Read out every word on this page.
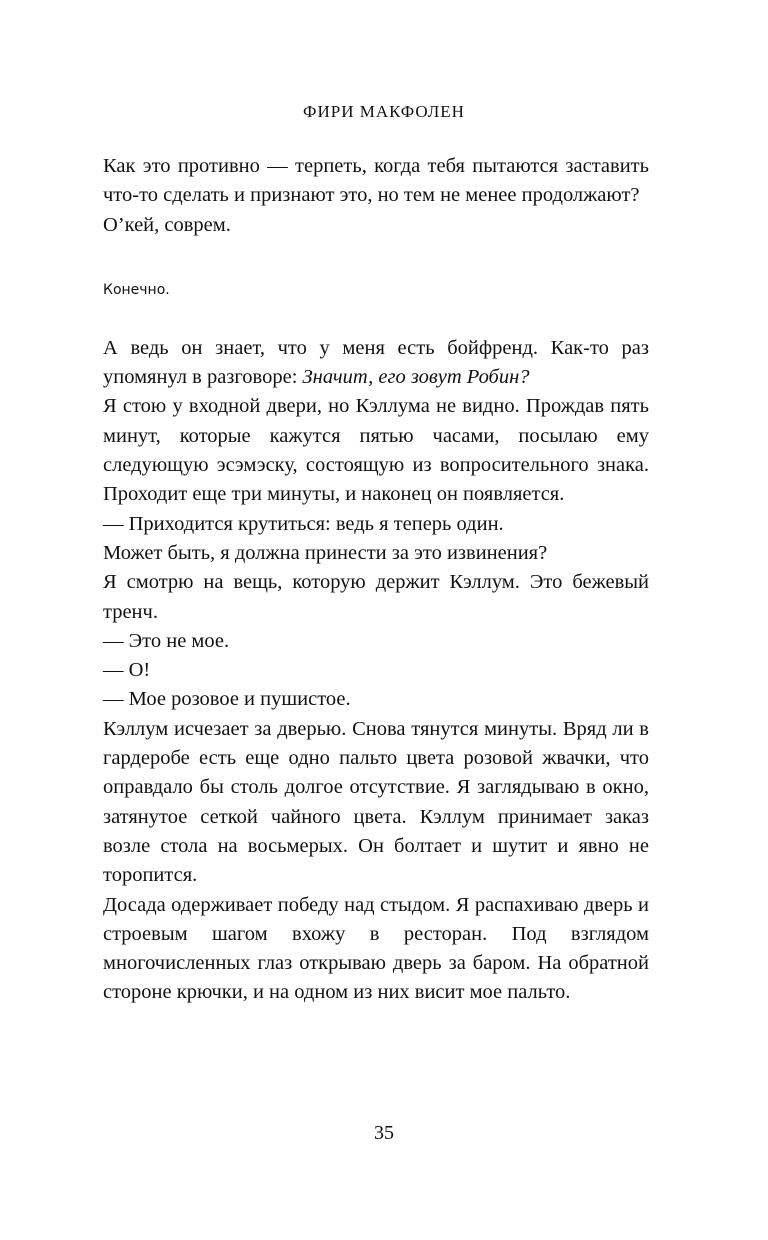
ФИРИ МАКФОЛЕН

Как это противно — терпеть, когда тебя пытаются заставить что-то сделать и признают это, но тем не менее продолжают?

О’кей, соврем.

Конечно.

А ведь он знает, что у меня есть бойфренд. Как-то раз упомянул в разговоре: Значит, его зовут Робин?

Я стою у входной двери, но Кэллума не видно. Прождав пять минут, которые кажутся пятью часами, посылаю ему следующую эсэмэску, состоящую из вопросительного знака. Проходит еще три минуты, и наконец он появляется.

— Приходится крутиться: ведь я теперь один.

Может быть, я должна принести за это извинения?

Я смотрю на вещь, которую держит Кэллум. Это бежевый тренч.

— Это не мое.

— О!

— Мое розовое и пушистое.

Кэллум исчезает за дверью. Снова тянутся минуты. Вряд ли в гардеробе есть еще одно пальто цвета розовой жвачки, что оправдало бы столь долгое отсутствие. Я заглядываю в окно, затянутое сеткой чайного цвета. Кэллум принимает заказ возле стола на восьмерых. Он болтает и шутит и явно не торопится.

Досада одерживает победу над стыдом. Я распахиваю дверь и строевым шагом вхожу в ресторан. Под взглядом многочисленных глаз открываю дверь за баром. На обратной стороне крючки, и на одном из них висит мое пальто.

35
